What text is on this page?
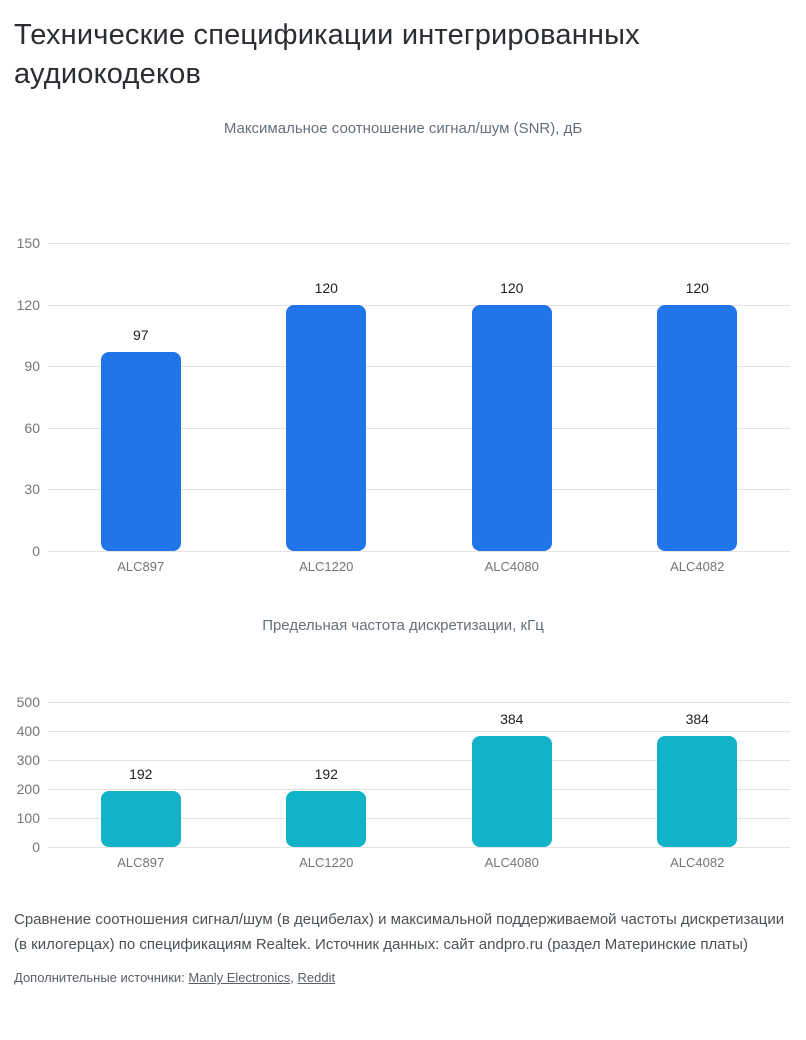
Технические спецификации интегрированных аудиокодеков
Максимальное соотношение сигнал/шум (SNR), дБ
0
30
60
90
120
150
97
120	120	120
ALC897	ALC1220	ALC4080	ALC4082
Предельная частота дискретизации, кГц
0
100
200
300
400
500
192	192
384	384
ALC897	ALC1220	ALC4080	ALC4082

Сравнение соотношения сигнал/шум (в децибелах) и максимальной поддерживаемой частоты дискретизации (в килогерцах) по спецификациям Realtek. Источник данных: сайт andpro.ru (раздел Материнские платы)

Дополнительные источники: Manly Electronics, Reddit
